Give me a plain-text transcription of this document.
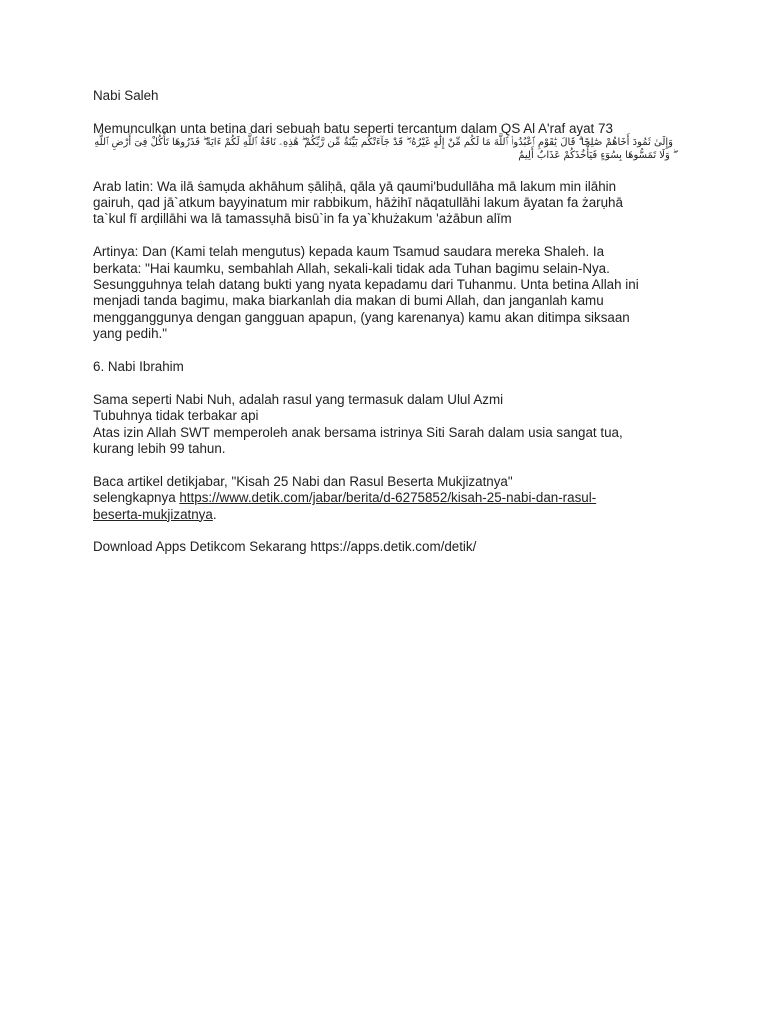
Nabi Saleh

Memunculkan unta betina dari sebuah batu seperti tercantum dalam QS Al A'raf ayat 73
وَإِلَىٰ ثَمُودَ أَخَاهُمْ صَٰلِحًا ۗ قَالَ يَٰقَوْمِ ٱعْبُدُوا۟ ٱللَّهَ مَا لَكُم مِّنْ إِلَٰهٍ غَيْرُهُۥ ۖ قَدْ جَآءَتْكُم بَيِّنَةٌ مِّن رَّبِّكُمْ ۖ هَٰذِهِۦ نَاقَةُ ٱللَّهِ لَكُمْ ءَايَةً ۖ فَذَرُوهَا تَأْكُلْ فِىٓ أَرْضِ ٱللَّهِ ۖ وَلَا تَمَسُّوهَا بِسُوٓءٍ فَيَأْخُذَكُمْ عَذَابٌ أَلِيمٌ

Arab latin: Wa ilā ṡamụda akhāhum ṣāliḥā, qāla yā qaumi'budullāha mā lakum min ilāhin
gairuh, qad jā`atkum bayyinatum mir rabbikum, hāżihī nāqatullāhi lakum āyatan fa żarụhā
ta`kul fī arḍillāhi wa lā tamassụhā bisū`in fa ya`khużakum 'ażābun alīm

Artinya: Dan (Kami telah mengutus) kepada kaum Tsamud saudara mereka Shaleh. Ia
berkata: "Hai kaumku, sembahlah Allah, sekali-kali tidak ada Tuhan bagimu selain-Nya.
Sesungguhnya telah datang bukti yang nyata kepadamu dari Tuhanmu. Unta betina Allah ini
menjadi tanda bagimu, maka biarkanlah dia makan di bumi Allah, dan janganlah kamu
mengganggunya dengan gangguan apapun, (yang karenanya) kamu akan ditimpa siksaan
yang pedih."

6. Nabi Ibrahim

Sama seperti Nabi Nuh, adalah rasul yang termasuk dalam Ulul Azmi
Tubuhnya tidak terbakar api
Atas izin Allah SWT memperoleh anak bersama istrinya Siti Sarah dalam usia sangat tua,
kurang lebih 99 tahun.

Baca artikel detikjabar, "Kisah 25 Nabi dan Rasul Beserta Mukjizatnya"
selengkapnya https://www.detik.com/jabar/berita/d-6275852/kisah-25-nabi-dan-rasul-
beserta-mukjizatnya.

Download Apps Detikcom Sekarang https://apps.detik.com/detik/
